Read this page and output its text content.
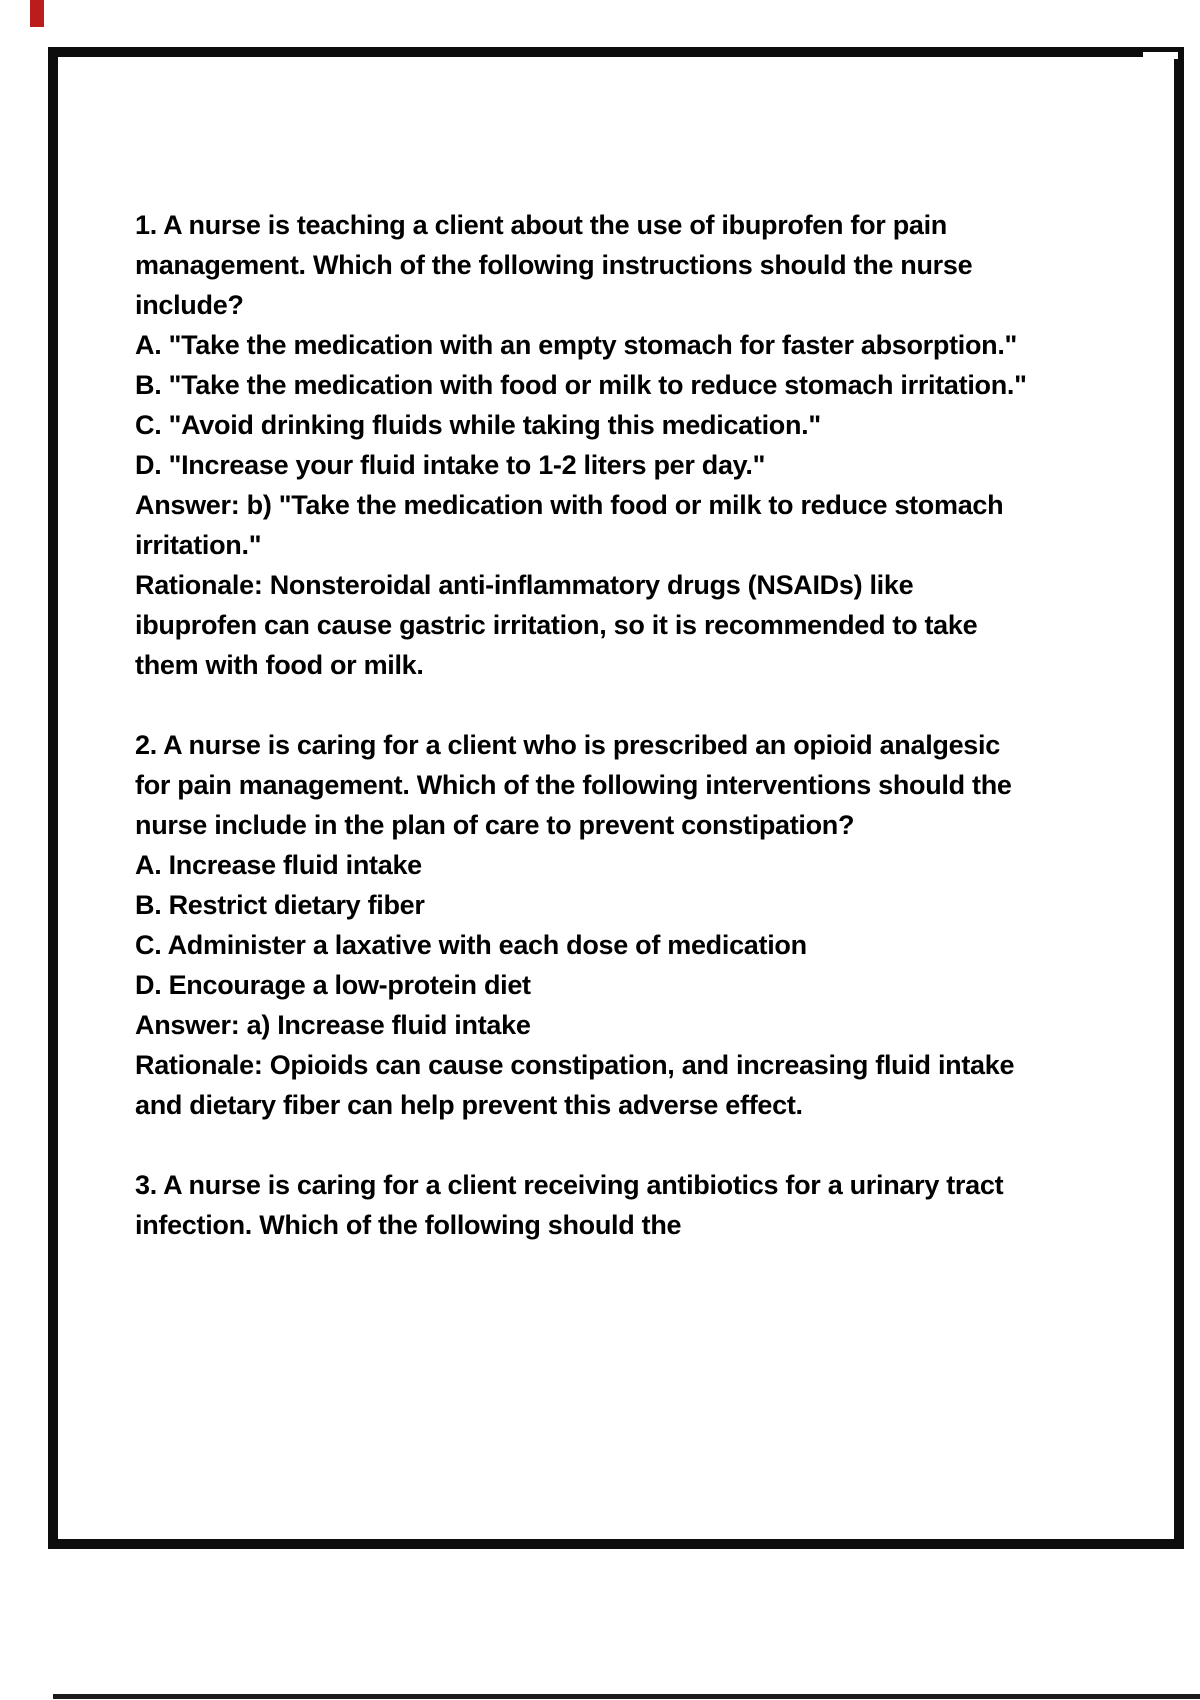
1. A nurse is teaching a client about the use of ibuprofen for pain management. Which of the following instructions should the nurse include?

A. "Take the medication with an empty stomach for faster absorption."

B. "Take the medication with food or milk to reduce stomach irritation."

C. "Avoid drinking fluids while taking this medication."

D. "Increase your fluid intake to 1-2 liters per day."

Answer: b) "Take the medication with food or milk to reduce stomach irritation."

Rationale: Nonsteroidal anti-inflammatory drugs (NSAIDs) like ibuprofen can cause gastric irritation, so it is recommended to take them with food or milk.

2. A nurse is caring for a client who is prescribed an opioid analgesic for pain management. Which of the following interventions should the nurse include in the plan of care to prevent constipation?

A. Increase fluid intake

B. Restrict dietary fiber

C. Administer a laxative with each dose of medication

D. Encourage a low-protein diet

Answer: a) Increase fluid intake

Rationale: Opioids can cause constipation, and increasing fluid intake and dietary fiber can help prevent this adverse effect.

3. A nurse is caring for a client receiving antibiotics for a urinary tract infection. Which of the following should the
